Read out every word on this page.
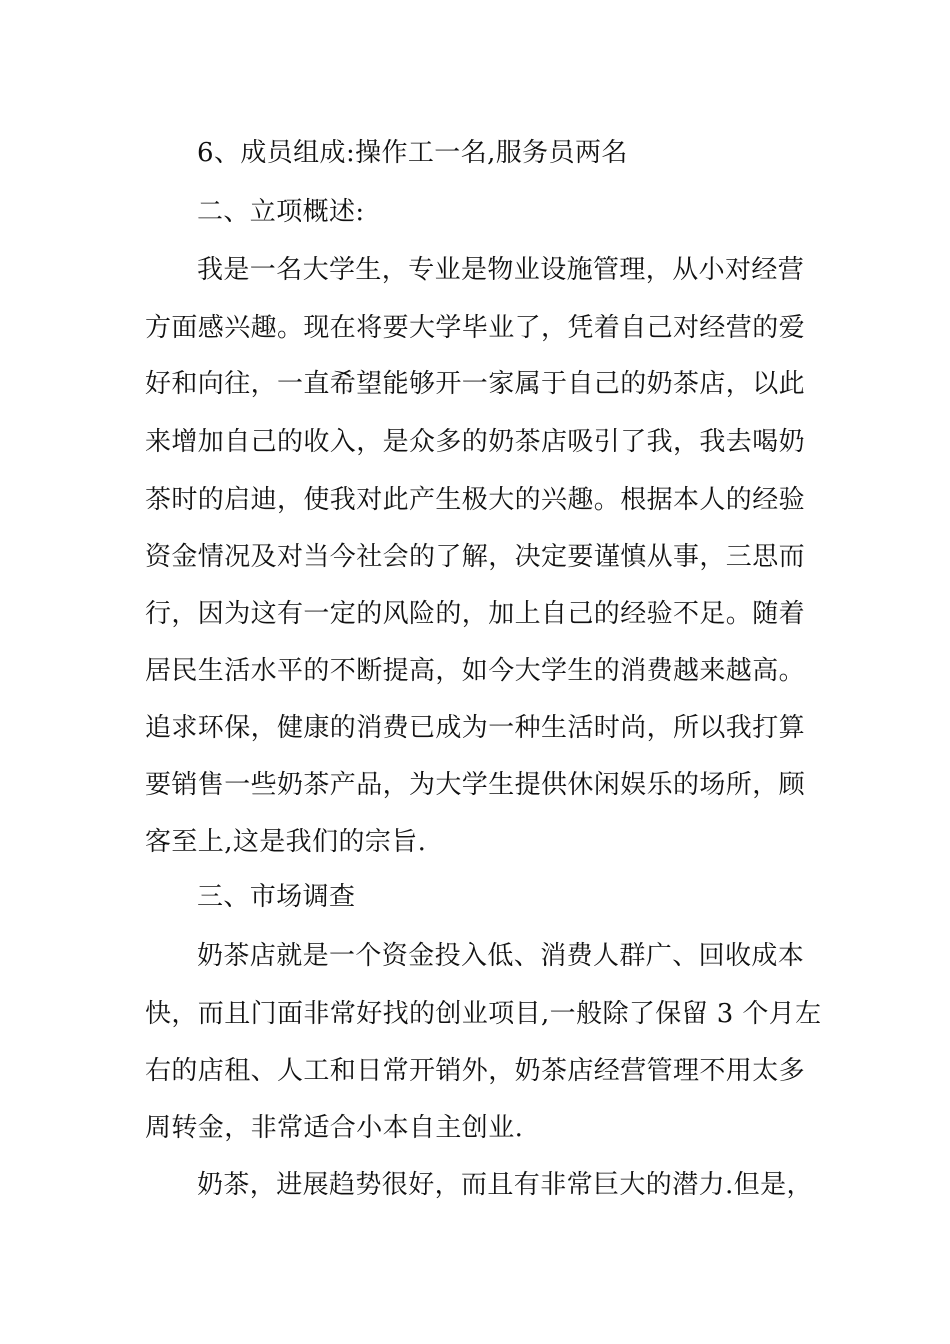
6、成员组成:操作工一名,服务员两名
二、立项概述:
我是一名大学生，专业是物业设施管理，从小对经营
方面感兴趣。现在将要大学毕业了，凭着自己对经营的爱
好和向往，一直希望能够开一家属于自己的奶茶店，以此
来增加自己的收入，是众多的奶茶店吸引了我，我去喝奶
茶时的启迪，使我对此产生极大的兴趣。根据本人的经验
资金情况及对当今社会的了解，决定要谨慎从事，三思而
行，因为这有一定的风险的，加上自己的经验不足。随着
居民生活水平的不断提高，如今大学生的消费越来越高。
追求环保，健康的消费已成为一种生活时尚，所以我打算
要销售一些奶茶产品，为大学生提供休闲娱乐的场所，顾
客至上,这是我们的宗旨.
三、市场调查
奶茶店就是一个资金投入低、消费人群广、回收成本
快，而且门面非常好找的创业项目,一般除了保留 3 个月左
右的店租、人工和日常开销外，奶茶店经营管理不用太多
周转金，非常适合小本自主创业.
奶茶，进展趋势很好，而且有非常巨大的潜力.但是，
